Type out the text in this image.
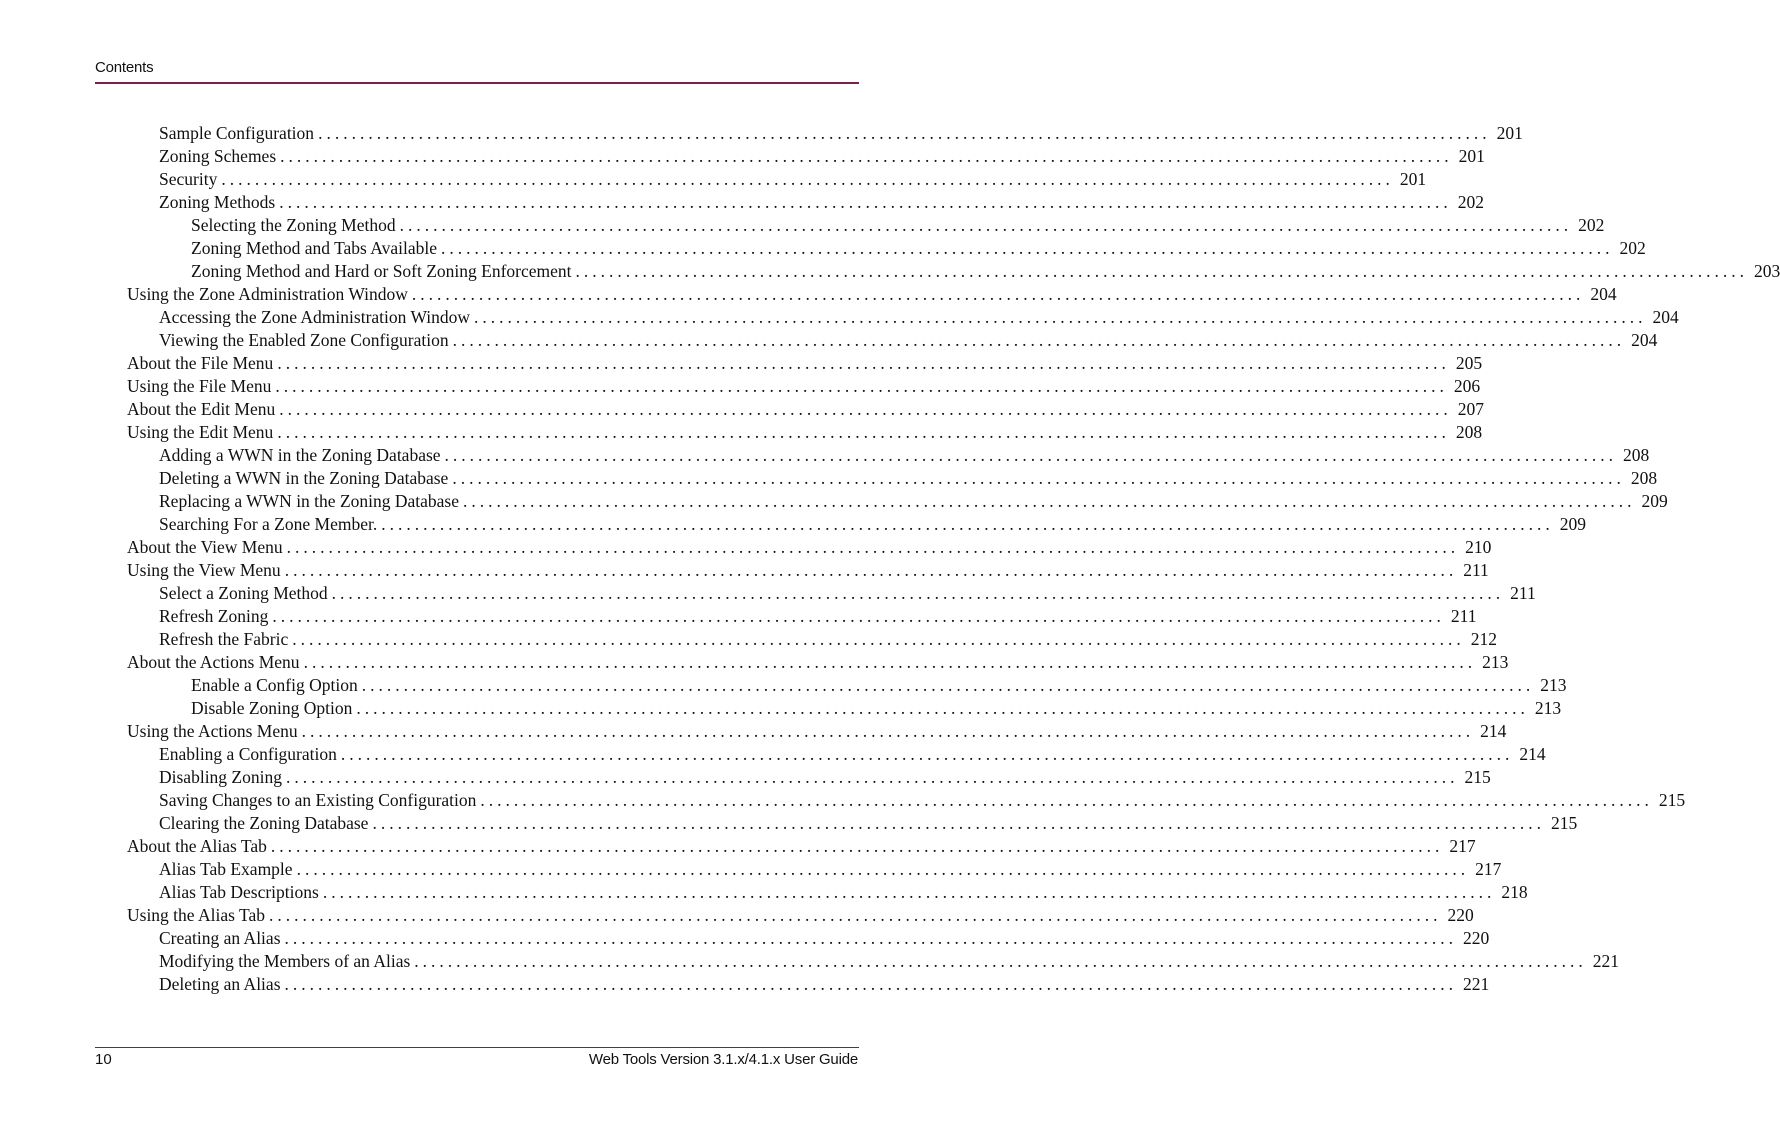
Contents
Sample Configuration ............................................................................................................................................ 201
Zoning Schemes ............................................................................................................................................ 201
Security ............................................................................................................................................ 201
Zoning Methods ............................................................................................................................................ 202
Selecting the Zoning Method ............................................................................................................................................ 202
Zoning Method and Tabs Available ............................................................................................................................................ 202
Zoning Method and Hard or Soft Zoning Enforcement ............................................................................................................................................ 203
Using the Zone Administration Window ............................................................................................................................................ 204
Accessing the Zone Administration Window ............................................................................................................................................ 204
Viewing the Enabled Zone Configuration ............................................................................................................................................ 204
About the File Menu ............................................................................................................................................ 205
Using the File Menu ............................................................................................................................................ 206
About the Edit Menu ............................................................................................................................................ 207
Using the Edit Menu ............................................................................................................................................ 208
Adding a WWN in the Zoning Database ............................................................................................................................................ 208
Deleting a WWN in the Zoning Database ............................................................................................................................................ 208
Replacing a WWN in the Zoning Database ............................................................................................................................................ 209
Searching For a Zone Member. ............................................................................................................................................ 209
About the View Menu ............................................................................................................................................ 210
Using the View Menu ............................................................................................................................................ 211
Select a Zoning Method ............................................................................................................................................ 211
Refresh Zoning ............................................................................................................................................ 211
Refresh the Fabric ............................................................................................................................................ 212
About the Actions Menu ............................................................................................................................................ 213
Enable a Config Option ............................................................................................................................................ 213
Disable Zoning Option ............................................................................................................................................ 213
Using the Actions Menu ............................................................................................................................................ 214
Enabling a Configuration ............................................................................................................................................ 214
Disabling Zoning ............................................................................................................................................ 215
Saving Changes to an Existing Configuration ............................................................................................................................................ 215
Clearing the Zoning Database ............................................................................................................................................ 215
About the Alias Tab ............................................................................................................................................ 217
Alias Tab Example ............................................................................................................................................ 217
Alias Tab Descriptions ............................................................................................................................................ 218
Using the Alias Tab ............................................................................................................................................ 220
Creating an Alias ............................................................................................................................................ 220
Modifying the Members of an Alias ............................................................................................................................................ 221
Deleting an Alias ............................................................................................................................................ 221
10	Web Tools Version 3.1.x/4.1.x User Guide
